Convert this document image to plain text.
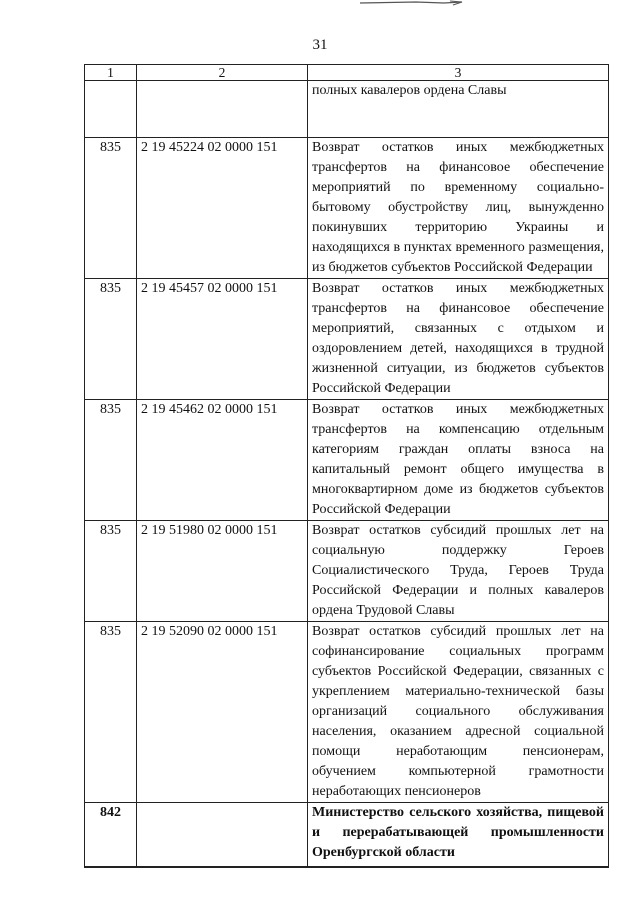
31
1	2	3
		полных кавалеров ордена Славы
835	2 19 45224 02 0000 151	Возврат остатков иных межбюджетных трансфертов на финансовое обеспечение мероприятий по временному социально-бытовому обустройству лиц, вынужденно покинувших территорию Украины и находящихся в пунктах временного размещения, из бюджетов субъектов Российской Федерации
835	2 19 45457 02 0000 151	Возврат остатков иных межбюджетных трансфертов на финансовое обеспечение мероприятий, связанных с отдыхом и оздоровлением детей, находящихся в трудной жизненной ситуации, из бюджетов субъектов Российской Федерации
835	2 19 45462 02 0000 151	Возврат остатков иных межбюджетных трансфертов на компенсацию отдельным категориям граждан оплаты взноса на капитальный ремонт общего имущества в многоквартирном доме из бюджетов субъектов Российской Федерации
835	2 19 51980 02 0000 151	Возврат остатков субсидий прошлых лет на социальную поддержку Героев Социалистического Труда, Героев Труда Российской Федерации и полных кавалеров ордена Трудовой Славы
835	2 19 52090 02 0000 151	Возврат остатков субсидий прошлых лет на софинансирование социальных программ субъектов Российской Федерации, связанных с укреплением материально-технической базы организаций социального обслуживания населения, оказанием адресной социальной помощи неработающим пенсионерам, обучением компьютерной грамотности неработающих пенсионеров
842		Министерство сельского хозяйства, пищевой и перерабатывающей промышленности Оренбургской области
